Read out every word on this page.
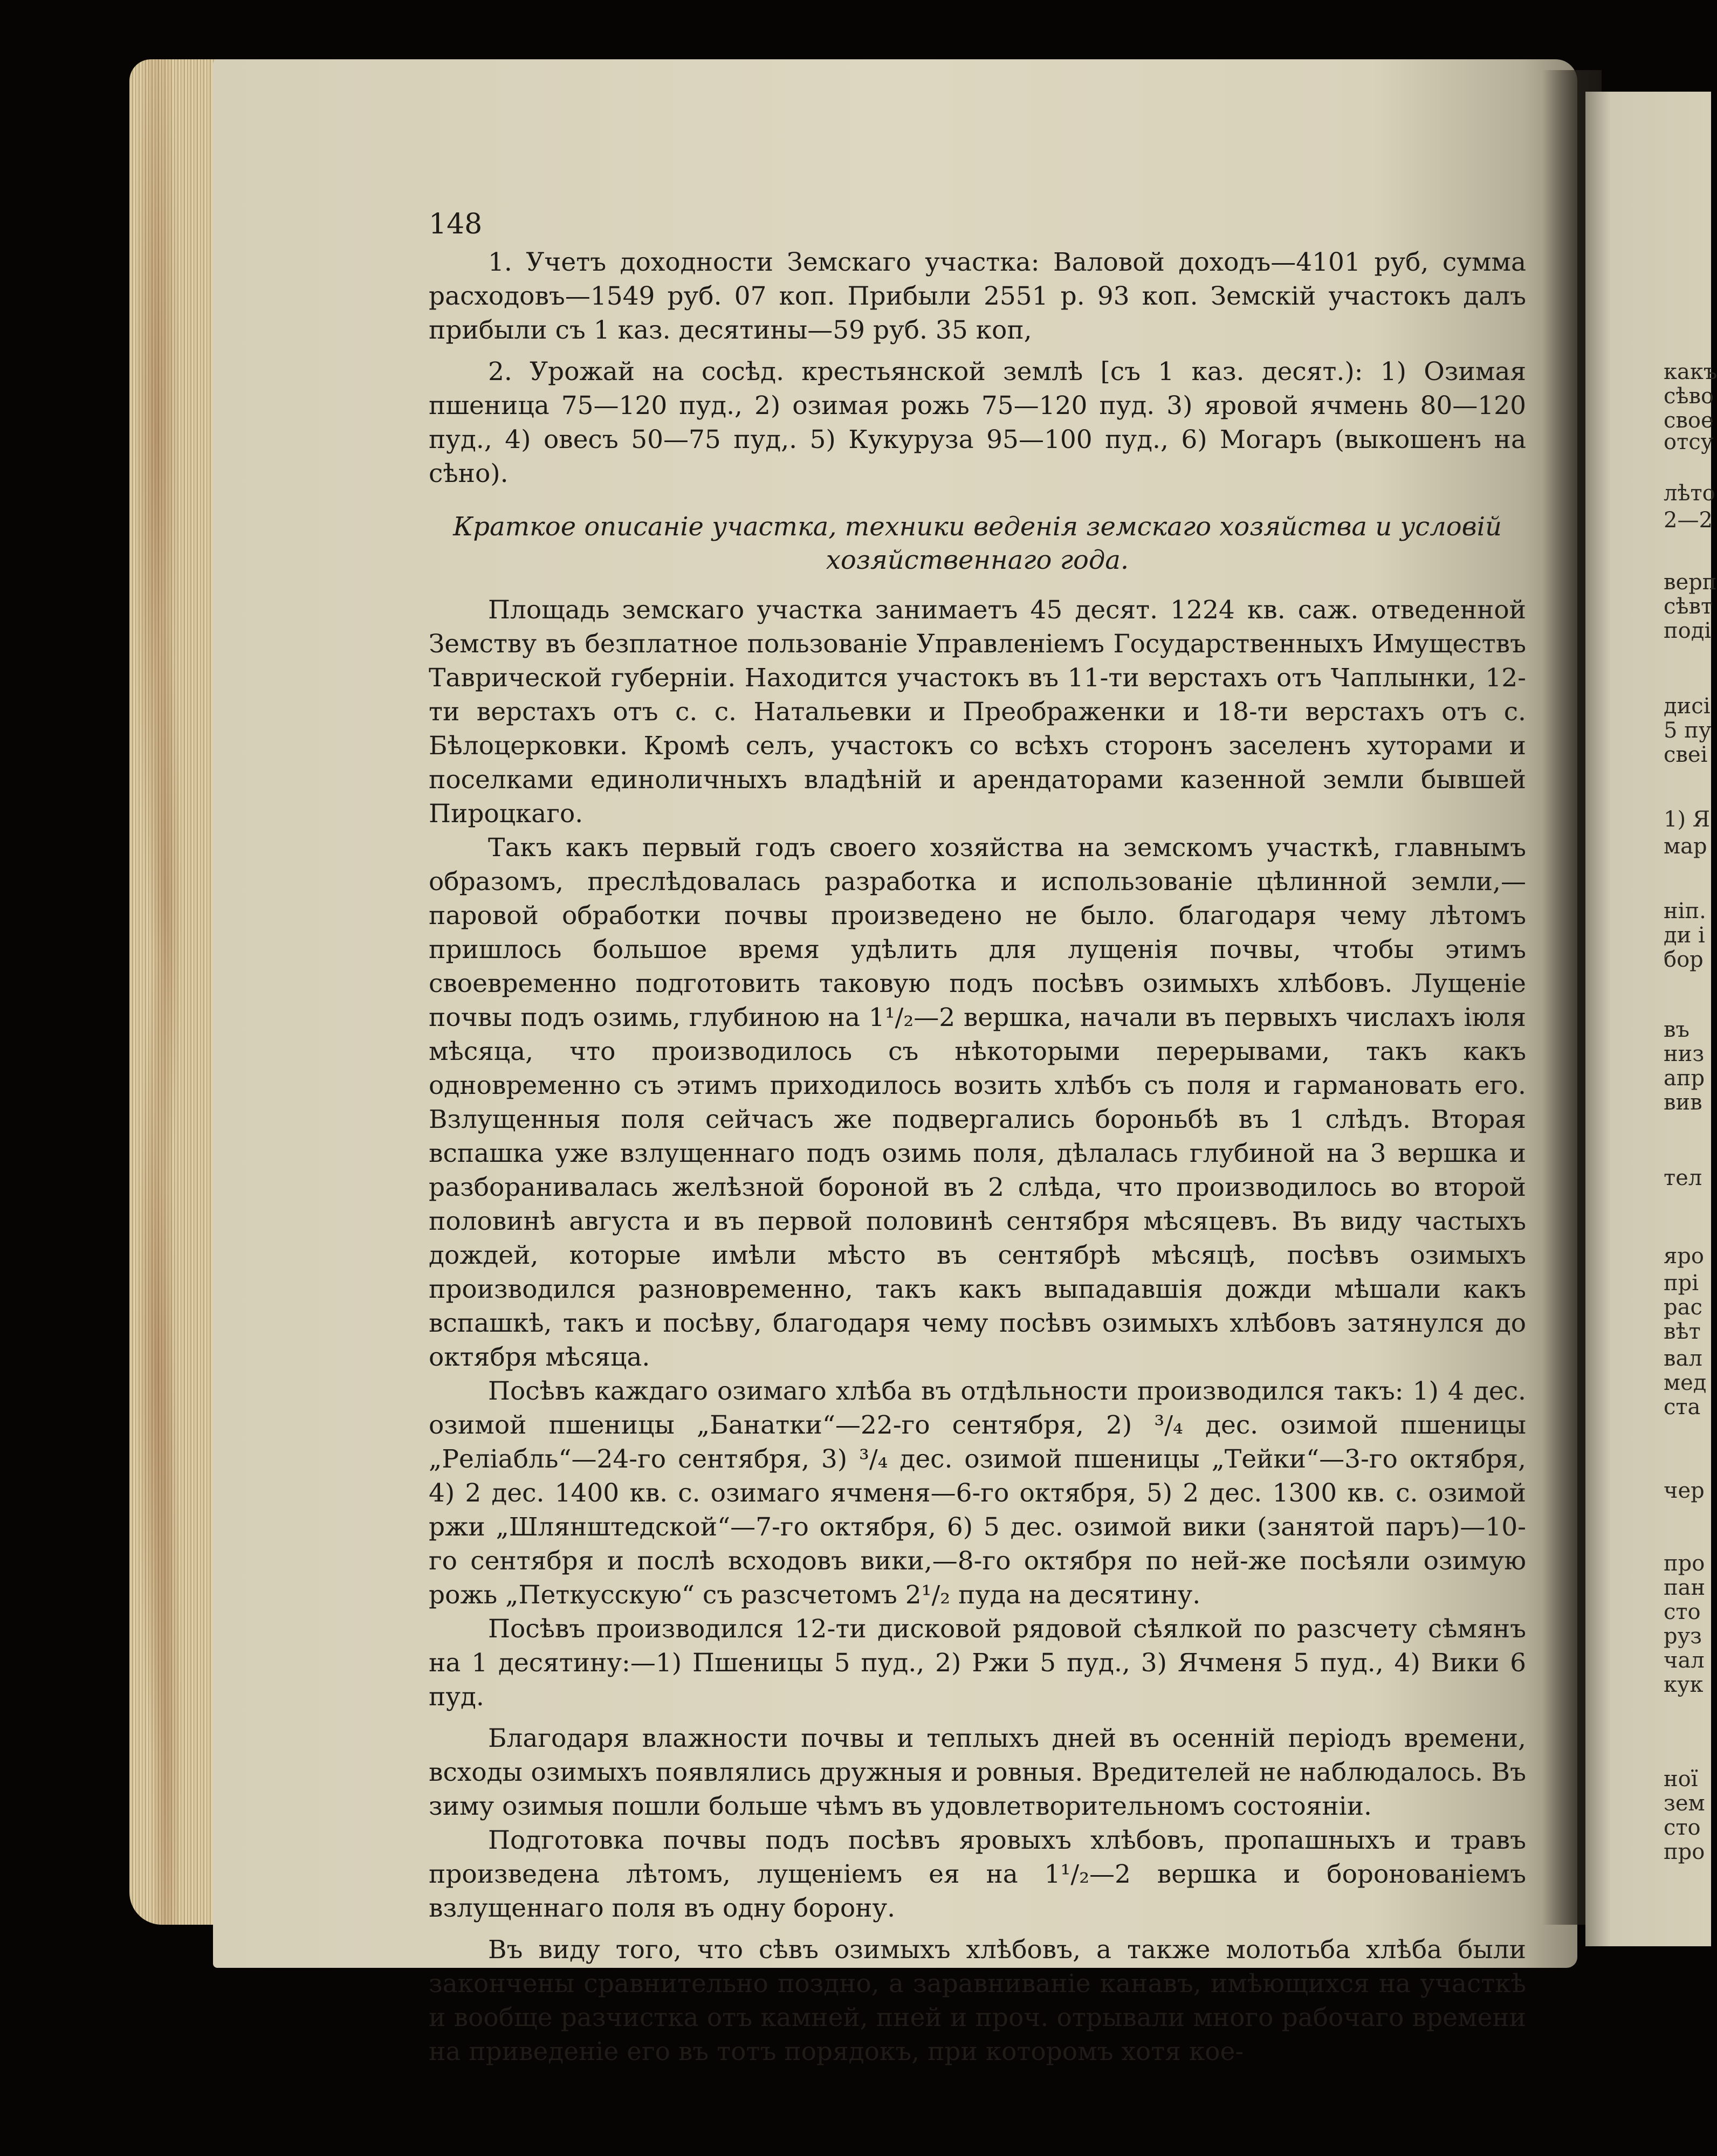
какъ
сѣво
свое
отсу
лѣто
2—2
верп
сѣвт
поді
дисі
5 пу
свеі
1) Я
мар
ніп.
ди і
бор
въ
низ
апр
вив
тел
яро
прі
рас
вѣт
вал
мед
ста
чер
про
пан
сто
руз
чал
кук
ної
зем
сто
про
148

1. Учетъ доходности Земскаго участка: Валовой доходъ—4101 руб, сумма расходовъ—1549 руб. 07 коп. Прибыли 2551 р. 93 коп. Земскій участокъ далъ прибыли съ 1 каз. десятины—59 руб. 35 коп,

2. Урожай на сосѣд. крестьянской землѣ [съ 1 каз. десят.): 1) Озимая пшеница 75—120 пуд., 2) озимая рожь 75—120 пуд. 3) яровой ячмень 80—120 пуд., 4) овесъ 50—75 пуд,. 5) Кукуруза 95—100 пуд., 6) Могаръ (выкошенъ на сѣно).

Краткое описаніе участка, техники веденія земскаго хозяйства и условій хозяйственнаго года.

Площадь земскаго участка занимаетъ 45 десят. 1224 кв. саж. отведенной Земству въ безплатное пользованіе Управленіемъ Государственныхъ Имуществъ Таврической губерніи. Находится участокъ въ 11-ти верстахъ отъ Чаплынки, 12-ти верстахъ отъ с. с. Натальевки и Преображенки и 18-ти верстахъ отъ с. Бѣлоцерковки. Кромѣ селъ, участокъ со всѣхъ сторонъ заселенъ хуторами и поселками единоличныхъ владѣній и арендаторами казенной земли бывшей Пироцкаго.

Такъ какъ первый годъ своего хозяйства на земскомъ участкѣ, главнымъ образомъ, преслѣдовалась разработка и использованіе цѣлинной земли,—паровой обработки почвы произведено не было. благодаря чему лѣтомъ пришлось большое время удѣлить для лущенія почвы, чтобы этимъ своевременно подготовить таковую подъ посѣвъ озимыхъ хлѣбовъ. Лущеніе почвы подъ озимь, глубиною на 1¹/₂—2 вершка, начали въ первыхъ числахъ іюля мѣсяца, что производилось съ нѣкоторыми перерывами, такъ какъ одновременно съ этимъ приходилось возить хлѣбъ съ поля и гармановать его. Взлущенныя поля сейчасъ же подвергались бороньбѣ въ 1 слѣдъ. Вторая вспашка уже взлущеннаго подъ озимь поля, дѣлалась глубиной на 3 вершка и разборанивалась желѣзной бороной въ 2 слѣда, что производилось во второй половинѣ августа и въ первой половинѣ сентября мѣсяцевъ. Въ виду частыхъ дождей, которые имѣли мѣсто въ сентябрѣ мѣсяцѣ, посѣвъ озимыхъ производился разновременно, такъ какъ выпадавшія дожди мѣшали какъ вспашкѣ, такъ и посѣву, благодаря чему посѣвъ озимыхъ хлѣбовъ затянулся до октября мѣсяца.

Посѣвъ каждаго озимаго хлѣба въ отдѣльности производился такъ: 1) 4 дес. озимой пшеницы „Банатки“—22-го сентября, 2) ³/₄ дес. озимой пшеницы „Реліабль“—24-го сентября, 3) ³/₄ дес. озимой пшеницы „Тейки“—3-го октября, 4) 2 дес. 1400 кв. с. озимаго ячменя—6-го октября, 5) 2 дес. 1300 кв. с. озимой ржи „Шлянштедской“—7-го октября, 6) 5 дес. озимой вики (занятой паръ)—10-го сентября и послѣ всходовъ вики,—8-го октября по ней-же посѣяли озимую рожь „Петкусскую“ съ разсчетомъ 2¹/₂ пуда на десятину.

Посѣвъ производился 12-ти дисковой рядовой сѣялкой по разсчету сѣмянъ на 1 десятину:—1) Пшеницы 5 пуд., 2) Ржи 5 пуд., 3) Ячменя 5 пуд., 4) Вики 6 пуд.

Благодаря влажности почвы и теплыхъ дней въ осенній періодъ времени, всходы озимыхъ появлялись дружныя и ровныя. Вредителей не наблюдалось. Въ зиму озимыя пошли больше чѣмъ въ удовлетворительномъ состояніи.

Подготовка почвы подъ посѣвъ яровыхъ хлѣбовъ, пропашныхъ и травъ произведена лѣтомъ, лущеніемъ ея на 1¹/₂—2 вершка и боронованіемъ взлущеннаго поля въ одну борону.

Въ виду того, что сѣвъ озимыхъ хлѣбовъ, а также молотьба хлѣба были закончены сравнительно поздно, а заравниваніе канавъ, имѣющихся на участкѣ и вообще разчистка отъ камней, пней и проч. отрывали много рабочаго времени на приведеніе его въ тотъ порядокъ, при которомъ хотя кое-
